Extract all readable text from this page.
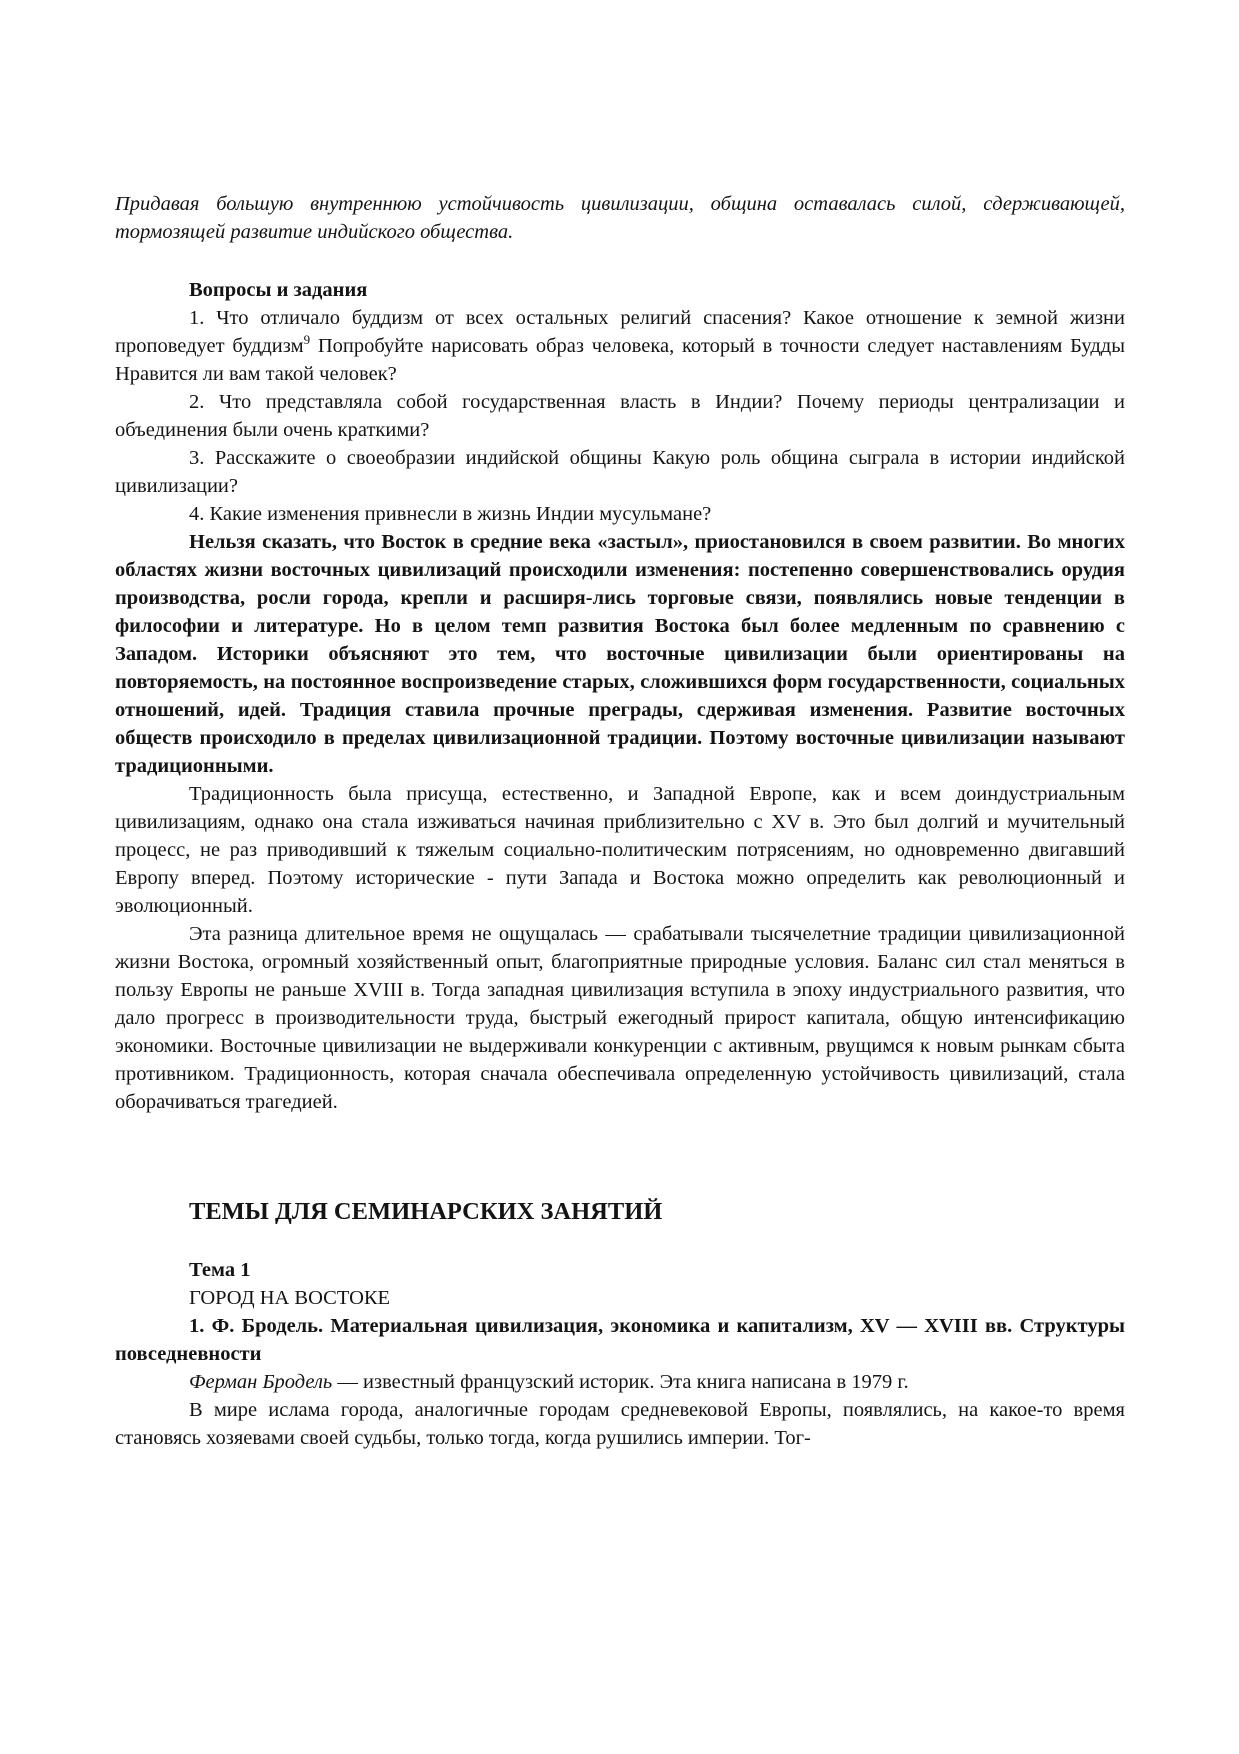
Придавая большую внутреннюю устойчивость цивилизации, община оставалась силой, сдерживающей, тормозящей развитие индийского общества.

Вопросы и задания

1. Что отличало буддизм от всех остальных религий спасения? Какое отношение к земной жизни проповедует буддизм$^9$ Попробуйте нарисовать образ человека, который в точности следует наставлениям Будды Нравится ли вам такой человек?

2. Что представляла собой государственная власть в Индии? Почему периоды централизации и объединения были очень краткими?

3. Расскажите о своеобразии индийской общины Какую роль община сыграла в истории индийской цивилизации?

4. Какие изменения привнесли в жизнь Индии мусульмане?

Нельзя сказать, что Восток в средние века «застыл», приостановился в своем развитии. Во многих областях жизни восточных цивилизаций происходили изменения: постепенно совершенствовались орудия производства, росли города, крепли и расширя-лись торговые связи, появлялись новые тенденции в философии и литературе. Но в целом темп развития Востока был более медленным по сравнению с Западом. Историки объясняют это тем, что восточные цивилизации были ориентированы на повторяемость, на постоянное воспроизведение старых, сложившихся форм государственности, социальных отношений, идей. Традиция ставила прочные преграды, сдерживая изменения. Развитие восточных обществ происходило в пределах цивилизационной традиции. Поэтому восточные цивилизации называют традиционными.

Традиционность была присуща, естественно, и Западной Европе, как и всем доиндустриальным цивилизациям, однако она стала изживаться начиная приблизительно с XV в. Это был долгий и мучительный процесс, не раз приводивший к тяжелым социально-политическим потрясениям, но одновременно двигавший Европу вперед. Поэтому исторические - пути Запада и Востока можно определить как революционный и эволюционный.

Эта разница длительное время не ощущалась — срабатывали тысячелетние традиции цивилизационной жизни Востока, огромный хозяйственный опыт, благоприятные природные условия. Баланс сил стал меняться в пользу Европы не раньше XVIII в. Тогда западная цивилизация вступила в эпоху индустриального развития, что дало прогресс в производительности труда, быстрый ежегодный прирост капитала, общую интенсификацию экономики. Восточные цивилизации не выдерживали конкуренции с активным, рвущимся к новым рынкам сбыта противником. Традиционность, которая сначала обеспечивала определенную устойчивость цивилизаций, стала оборачиваться трагедией.

ТЕМЫ ДЛЯ СЕМИНАРСКИХ ЗАНЯТИЙ

Тема 1

ГОРОД НА ВОСТОКЕ

1. Ф. Бродель. Материальная цивилизация, экономика и капитализм, XV — XVIII вв. Структуры повседневности

Ферман Бродель — известный французский историк. Эта книга написана в 1979 г.

В мире ислама города, аналогичные городам средневековой Европы, появлялись, на какое-то время становясь хозяевами своей судьбы, только тогда, когда рушились империи. Тог-
